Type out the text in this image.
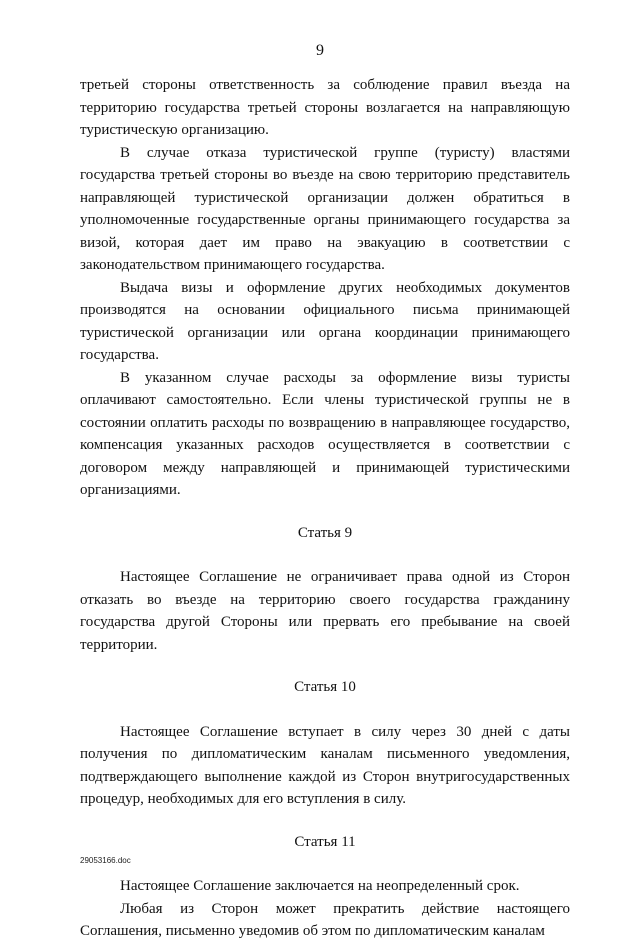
9

третьей стороны ответственность за соблюдение правил въезда на территорию государства третьей стороны возлагается на направляющую туристическую организацию.

В случае отказа туристической группе (туристу) властями государства третьей стороны во въезде на свою территорию представитель направляющей туристической организации должен обратиться в уполномоченные государственные органы принимающего государства за визой, которая дает им право на эвакуацию в соответствии с законодательством принимающего государства.

Выдача визы и оформление других необходимых документов производятся на основании официального письма принимающей туристической организации или органа координации принимающего государства.

В указанном случае расходы за оформление визы туристы оплачивают самостоятельно. Если члены туристической группы не в состоянии оплатить расходы по возвращению в направляющее государство, компенсация указанных расходов осуществляется в соответствии с договором между направляющей и принимающей туристическими организациями.

Статья 9

Настоящее Соглашение не ограничивает права одной из Сторон отказать во въезде на территорию своего государства гражданину государства другой Стороны или прервать его пребывание на своей территории.

Статья 10

Настоящее Соглашение вступает в силу через 30 дней с даты получения по дипломатическим каналам письменного уведомления, подтверждающего выполнение каждой из Сторон внутригосударственных процедур, необходимых для его вступления в силу.

Статья 11

Настоящее Соглашение заключается на неопределенный срок.

Любая из Сторон может прекратить действие настоящего Соглашения, письменно уведомив об этом по дипломатическим каналам

29053166.doc
